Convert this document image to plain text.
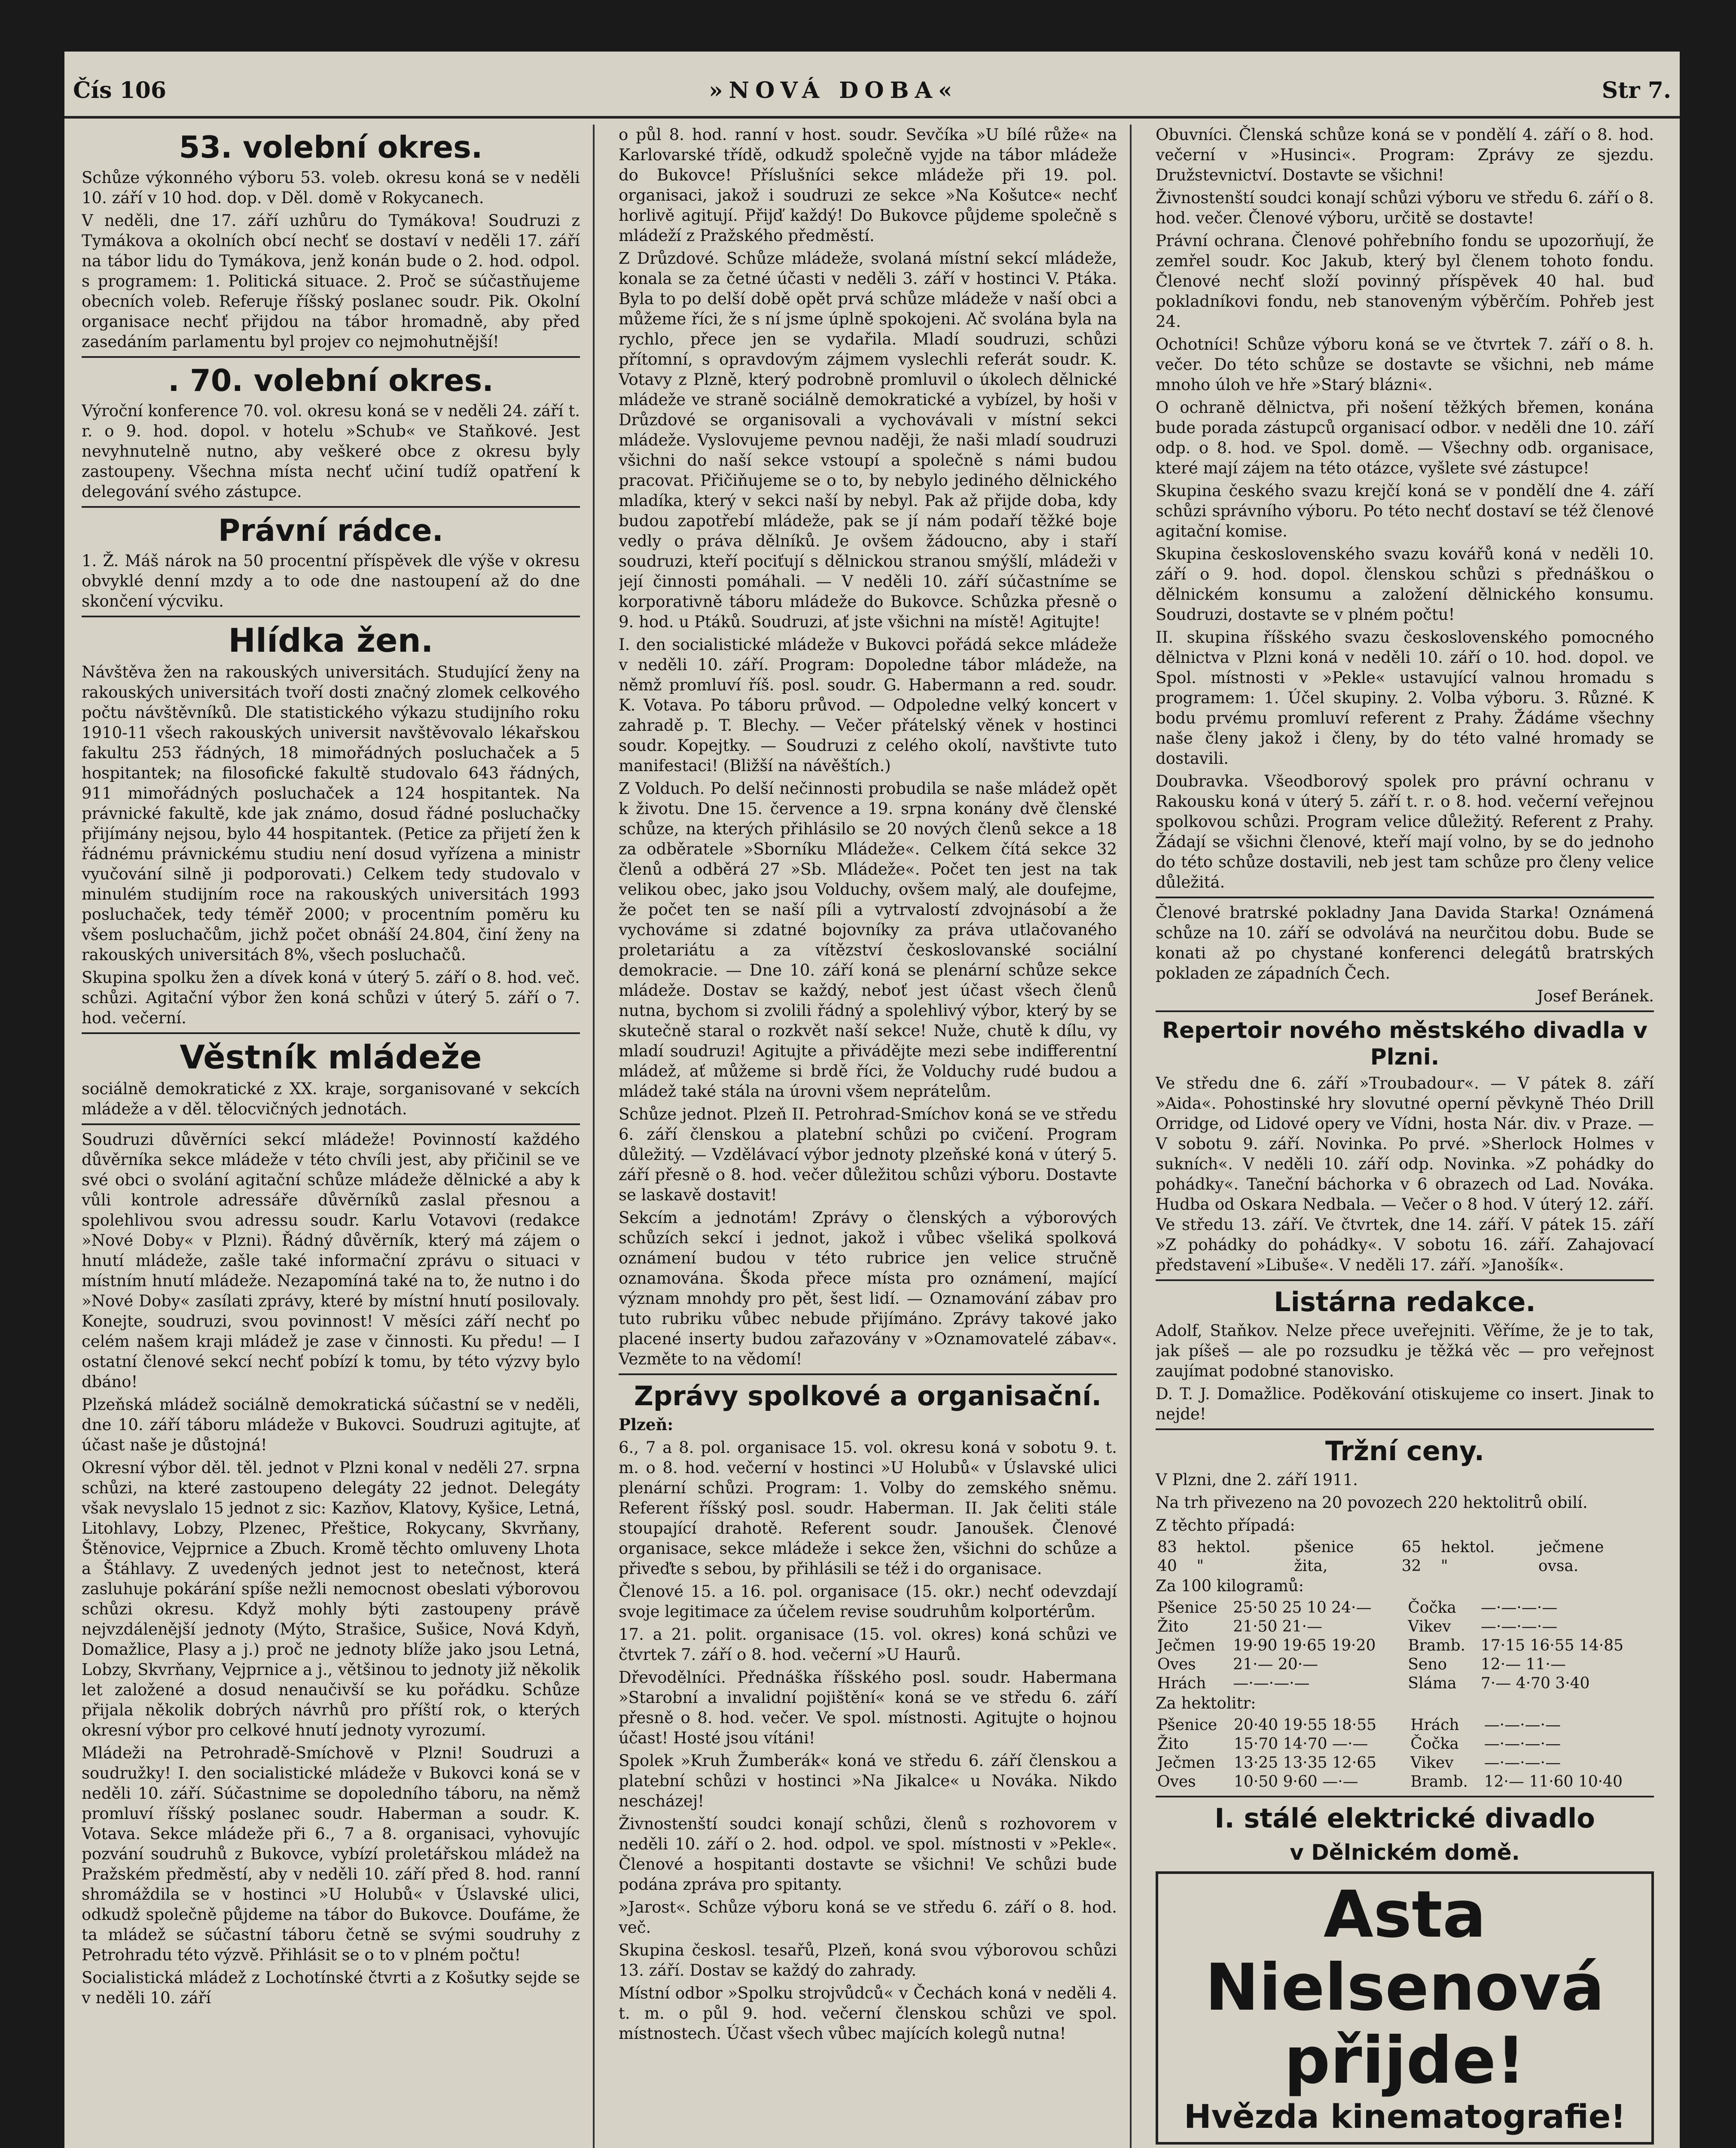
Čís 106	»NOVÁ DOBA«	Str 7.
53. volební okres.

Schůze výkonného výboru 53. voleb. okresu koná se v neděli 10. září v 10 hod. dop. v Děl. domě v Rokycanech.

V neděli, dne 17. září uzhůru do Tymákova! Soudruzi z Tymákova a okolních obcí nechť se dostaví v neděli 17. září na tábor lidu do Tymákova, jenž konán bude o 2. hod. odpol. s programem: 1. Politická situace. 2. Proč se súčastňujeme obecních voleb. Referuje říšský poslanec soudr. Pik. Okolní organisace nechť přijdou na tábor hromadně, aby před zasedáním parlamentu byl projev co nejmohutnější!

. 70. volební okres.

Výroční konference 70. vol. okresu koná se v neděli 24. září t. r. o 9. hod. dopol. v hotelu »Schub« ve Staňkové. Jest nevyhnutelně nutno, aby veškeré obce z okresu byly zastoupeny. Všechna místa nechť učiní tudíž opatření k delegování svého zástupce.

Právní rádce.

1. Ž. Máš nárok na 50 procentní příspěvek dle výše v okresu obvyklé denní mzdy a to ode dne nastoupení až do dne skončení výcviku.

Hlídka žen.

Návštěva žen na rakouských universitách. Studující ženy na rakouských universitách tvoří dosti značný zlomek celkového počtu návštěvníků. Dle statistického výkazu studijního roku 1910-11 všech rakouských universit navštěvovalo lékařskou fakultu 253 řádných, 18 mimořádných posluchaček a 5 hospitantek; na filosofické fakultě studovalo 643 řádných, 911 mimořádných posluchaček a 124 hospitantek. Na právnické fakultě, kde jak známo, dosud řádné posluchačky přijímány nejsou, bylo 44 hospitantek. (Petice za přijetí žen k řádnému právnickému studiu není dosud vyřízena a ministr vyučování silně ji podporovati.) Celkem tedy studovalo v minulém studijním roce na rakouských universitách 1993 posluchaček, tedy téměř 2000; v procentním poměru ku všem posluchačům, jichž počet obnáší 24.804, činí ženy na rakouských universitách 8%, všech posluchačů.

Skupina spolku žen a dívek koná v úterý 5. září o 8. hod. več. schůzi. Agitační výbor žen koná schůzi v úterý 5. září o 7. hod. večerní.

Věstník mládeže

sociálně demokratické z XX. kraje, sorganisované v sekcích mládeže a v děl. tělocvičných jednotách.

Soudruzi důvěrníci sekcí mládeže! Povinností každého důvěrníka sekce mládeže v této chvíli jest, aby přičinil se ve své obci o svolání agitační schůze mládeže dělnické a aby k vůli kontrole adressáře důvěrníků zaslal přesnou a spolehlivou svou adressu soudr. Karlu Votavovi (redakce »Nové Doby« v Plzni). Řádný důvěrník, který má zájem o hnutí mládeže, zašle také informační zprávu o situaci v místním hnutí mládeže. Nezapomíná také na to, že nutno i do »Nové Doby« zasílati zprávy, které by místní hnutí posilovaly. Konejte, soudruzi, svou povinnost! V měsíci září nechť po celém našem kraji mládež je zase v činnosti. Ku předu! — I ostatní členové sekcí nechť pobízí k tomu, by této výzvy bylo dbáno!

Plzeňská mládež sociálně demokratická súčastní se v neděli, dne 10. září táboru mládeže v Bukovci. Soudruzi agitujte, ať účast naše je důstojná!

Okresní výbor děl. těl. jednot v Plzni konal v neděli 27. srpna schůzi, na které zastoupeno delegáty 22 jednot. Delegáty však nevyslalo 15 jednot z sic: Kazňov, Klatovy, Kyšice, Letná, Litohlavy, Lobzy, Plzenec, Přeštice, Rokycany, Skvrňany, Štěnovice, Vejprnice a Zbuch. Kromě těchto omluveny Lhota a Štáhlavy. Z uvedených jednot jest to netečnost, která zasluhuje pokárání spíše nežli nemocnost obeslati výborovou schůzi okresu. Když mohly býti zastoupeny právě nejvzdálenější jednoty (Mýto, Strašice, Sušice, Nová Kdyň, Domažlice, Plasy a j.) proč ne jednoty blíže jako jsou Letná, Lobzy, Skvrňany, Vejprnice a j., většinou to jednoty již několik let založené a dosud nenaučivší se ku pořádku. Schůze přijala několik dobrých návrhů pro příští rok, o kterých okresní výbor pro celkové hnutí jednoty vyrozumí.

Mládeži na Petrohradě-Smíchově v Plzni! Soudruzi a soudružky! I. den socialistické mládeže v Bukovci koná se v neděli 10. září. Súčastnime se dopoledního táboru, na němž promluví říšský poslanec soudr. Haberman a soudr. K. Votava. Sekce mládeže při 6., 7 a 8. organisaci, vyhovujíc pozvání soudruhů z Bukovce, vybízí proletářskou mládež na Pražském předměstí, aby v neděli 10. září před 8. hod. ranní shromáždila se v hostinci »U Holubů« v Úslavské ulici, odkudž společně půjdeme na tábor do Bukovce. Doufáme, že ta mládež se súčastní táboru četně se svými soudruhy z Petrohradu této výzvě. Přihlásit se o to v plném počtu!

Socialistická mládež z Lochotínské čtvrti a z Košutky sejde se v neděli 10. září

o půl 8. hod. ranní v host. soudr. Sevčíka »U bílé růže« na Karlovarské třídě, odkudž společně vyjde na tábor mládeže do Bukovce! Příslušníci sekce mládeže při 19. pol. organisaci, jakož i soudruzi ze sekce »Na Košutce« nechť horlivě agitují. Přijď každý! Do Bukovce půjdeme společně s mládeží z Pražského předměstí.

Z Drůzdové. Schůze mládeže, svolaná místní sekcí mládeže, konala se za četné účasti v neděli 3. září v hostinci V. Ptáka. Byla to po delší době opět prvá schůze mládeže v naší obci a můžeme říci, že s ní jsme úplně spokojeni. Ač svolána byla na rychlo, přece jen se vydařila. Mladí soudruzi, schůzi přítomní, s opravdovým zájmem vyslechli referát soudr. K. Votavy z Plzně, který podrobně promluvil o úkolech dělnické mládeže ve straně sociálně demokratické a vybízel, by hoši v Drůzdové se organisovali a vychovávali v místní sekci mládeže. Vyslovujeme pevnou naději, že naši mladí soudruzi všichni do naší sekce vstoupí a společně s námi budou pracovat. Přičiňujeme se o to, by nebylo jediného dělnického mladíka, který v sekci naší by nebyl. Pak až přijde doba, kdy budou zapotřebí mládeže, pak se jí nám podaří těžké boje vedly o práva dělníků. Je ovšem žádoucno, aby i staří soudruzi, kteří pociťují s dělnickou stranou smýšlí, mládeži v její činnosti pomáhali. — V neděli 10. září súčastníme se korporativně táboru mládeže do Bukovce. Schůzka přesně o 9. hod. u Ptáků. Soudruzi, ať jste všichni na místě! Agitujte!

I. den socialistické mládeže v Bukovci pořádá sekce mládeže v neděli 10. září. Program: Dopoledne tábor mládeže, na němž promluví říš. posl. soudr. G. Habermann a red. soudr. K. Votava. Po táboru průvod. — Odpoledne velký koncert v zahradě p. T. Blechy. — Večer přátelský věnek v hostinci soudr. Kopejtky. — Soudruzi z celého okolí, navštivte tuto manifestaci! (Bližší na návěštích.)

Z Volduch. Po delší nečinnosti probudila se naše mládež opět k životu. Dne 15. července a 19. srpna konány dvě členské schůze, na kterých přihlásilo se 20 nových členů sekce a 18 za odběratele »Sborníku Mládeže«. Celkem čítá sekce 32 členů a odběrá 27 »Sb. Mládeže«. Počet ten jest na tak velikou obec, jako jsou Volduchy, ovšem malý, ale doufejme, že počet ten se naší píli a vytrvalostí zdvojnásobí a že vychováme si zdatné bojovníky za práva utlačovaného proletariátu a za vítězství českoslovanské sociální demokracie. — Dne 10. září koná se plenární schůze sekce mládeže. Dostav se každý, neboť jest účast všech členů nutna, bychom si zvolili řádný a spolehlivý výbor, který by se skutečně staral o rozkvět naší sekce! Nuže, chutě k dílu, vy mladí soudruzi! Agitujte a přivádějte mezi sebe indifferentní mládež, ať můžeme si brdě říci, že Volduchy rudé budou a mládež také stála na úrovni všem neprátelům.

Schůze jednot. Plzeň II. Petrohrad-Smíchov koná se ve středu 6. září členskou a platební schůzi po cvičení. Program důležitý. — Vzdělávací výbor jednoty plzeňské koná v úterý 5. září přesně o 8. hod. večer důležitou schůzi výboru. Dostavte se laskavě dostavit!

Sekcím a jednotám! Zprávy o členských a výborových schůzích sekcí i jednot, jakož i vůbec všeliká spolková oznámení budou v této rubrice jen velice stručně oznamována. Škoda přece místa pro oznámení, mající význam mnohdy pro pět, šest lidí. — Oznamování zábav pro tuto rubriku vůbec nebude přijímáno. Zprávy takové jako placené inserty budou zařazovány v »Oznamovatelé zábav«. Vezměte to na vědomí!

Zprávy spolkové a organisační.

Plzeň:

6., 7 a 8. pol. organisace 15. vol. okresu koná v sobotu 9. t. m. o 8. hod. večerní v hostinci »U Holubů« v Úslavské ulici plenární schůzi. Program: 1. Volby do zemského sněmu. Referent říšský posl. soudr. Haberman. II. Jak čeliti stále stoupající drahotě. Referent soudr. Janoušek. Členové organisace, sekce mládeže i sekce žen, všichni do schůze a přiveďte s sebou, by přihlásili se též i do organisace.

Členové 15. a 16. pol. organisace (15. okr.) nechť odevzdají svoje legitimace za účelem revise soudruhům kolportérům.

17. a 21. polit. organisace (15. vol. okres) koná schůzi ve čtvrtek 7. září o 8. hod. večerní »U Haurů.

Dřevodělníci. Přednáška říšského posl. soudr. Habermana »Starobní a invalidní pojištění« koná se ve středu 6. září přesně o 8. hod. večer. Ve spol. místnosti. Agitujte o hojnou účast! Hosté jsou vítáni!

Spolek »Kruh Žumberák« koná ve středu 6. září členskou a platební schůzi v hostinci »Na Jikalce« u Nováka. Nikdo nescházej!

Živnostenští soudci konají schůzi, členů s rozhovorem v neděli 10. září o 2. hod. odpol. ve spol. místnosti v »Pekle«. Členové a hospitanti dostavte se všichni! Ve schůzi bude podána zpráva pro spitanty.

»Jarost«. Schůze výboru koná se ve středu 6. září o 8. hod. več.

Skupina českosl. tesařů, Plzeň, koná svou výborovou schůzi 13. září. Dostav se každý do zahrady.

Místní odbor »Spolku strojvůdců« v Čechách koná v neděli 4. t. m. o půl 9. hod. večerní členskou schůzi ve spol. místnostech. Účast všech vůbec majících kolegů nutna!

Obuvníci. Členská schůze koná se v pondělí 4. září o 8. hod. večerní v »Husinci«. Program: Zprávy ze sjezdu. Družstevnictví. Dostavte se všichni!

Živnostenští soudci konají schůzi výboru ve středu 6. září o 8. hod. večer. Členové výboru, určitě se dostavte!

Právní ochrana. Členové pohřebního fondu se upozorňují, že zemřel soudr. Koc Jakub, který byl členem tohoto fondu. Členové nechť složí povinný příspěvek 40 hal. buď pokladníkovi fondu, neb stanoveným výběrčím. Pohřeb jest 24.

Ochotníci! Schůze výboru koná se ve čtvrtek 7. září o 8. h. večer. Do této schůze se dostavte se všichni, neb máme mnoho úloh ve hře »Starý blázni«.

O ochraně dělnictva, při nošení těžkých břemen, konána bude porada zástupců organisací odbor. v neděli dne 10. září odp. o 8. hod. ve Spol. domě. — Všechny odb. organisace, které mají zájem na této otázce, vyšlete své zástupce!

Skupina českého svazu krejčí koná se v pondělí dne 4. září schůzi správního výboru. Po této nechť dostaví se též členové agitační komise.

Skupina československého svazu kovářů koná v neděli 10. září o 9. hod. dopol. členskou schůzi s přednáškou o dělnickém konsumu a založení dělnického konsumu. Soudruzi, dostavte se v plném počtu!

II. skupina říšského svazu československého pomocného dělnictva v Plzni koná v neděli 10. září o 10. hod. dopol. ve Spol. místnosti v »Pekle« ustavující valnou hromadu s programem: 1. Účel skupiny. 2. Volba výboru. 3. Různé. K bodu prvému promluví referent z Prahy. Žádáme všechny naše členy jakož i členy, by do této valné hromady se dostavili.

Doubravka. Všeodborový spolek pro právní ochranu v Rakousku koná v úterý 5. září t. r. o 8. hod. večerní veřejnou spolkovou schůzi. Program velice důležitý. Referent z Prahy. Žádají se všichni členové, kteří mají volno, by se do jednoho do této schůze dostavili, neb jest tam schůze pro členy velice důležitá.

Členové bratrské pokladny Jana Davida Starka! Oznámená schůze na 10. září se odvolává na neurčitou dobu. Bude se konati až po chystané konferenci delegátů bratrských pokladen ze západních Čech.

Josef Beránek.

Repertoir nového městského divadla v Plzni.

Ve středu dne 6. září »Troubadour«. — V pátek 8. září »Aida«. Pohostinské hry slovutné operní pěvkyně Théo Drill Orridge, od Lidové opery ve Vídni, hosta Nár. div. v Praze. — V sobotu 9. září. Novinka. Po prvé. »Sherlock Holmes v sukních«. V neděli 10. září odp. Novinka. »Z pohádky do pohádky«. Taneční báchorka v 6 obrazech od Lad. Nováka. Hudba od Oskara Nedbala. — Večer o 8 hod. V úterý 12. září. Ve středu 13. září. Ve čtvrtek, dne 14. září. V pátek 15. září »Z pohádky do pohádky«. V sobotu 16. září. Zahajovací představení »Libuše«. V neděli 17. září. »Janošík«.

Listárna redakce.

Adolf, Staňkov. Nelze přece uveřejniti. Věříme, že je to tak, jak píšeš — ale po rozsudku je těžká věc — pro veřejnost zaujímat podobné stanovisko.

D. T. J. Domažlice. Poděkování otiskujeme co insert. Jinak to nejde!

Tržní ceny.

V Plzni, dne 2. září 1911.

Na trh přivezeno na 20 povozech 220 hektolitrů obilí.

Z těchto případá:

83	hektol.	pšenice	65	hektol.	ječmene
40	"	žita,	32	"	ovsa.

Za 100 kilogramů:

Pšenice	25·50 25 10 24·—	Čočka	—·—·—·—
Žito	21·50 21·—	Vikev	—·—·—·—
Ječmen	19·90 19·65 19·20	Bramb.	17·15 16·55 14·85
Oves	21·— 20·—	Seno	12·— 11·—
Hrách	—·—·—·—	Sláma	7·— 4·70 3·40

Za hektolitr:

Pšenice	20·40 19·55 18·55	Hrách	—·—·—·—
Žito	15·70 14·70 —·—	Čočka	—·—·—·—
Ječmen	13·25 13·35 12·65	Vikev	—·—·—·—
Oves	10·50 9·60 —·—	Bramb.	12·— 11·60 10·40
I. stálé elektrické divadlo
v Dělnickém domě.
Asta
Nielsenová
přijde!
Hvězda kinematografie!
